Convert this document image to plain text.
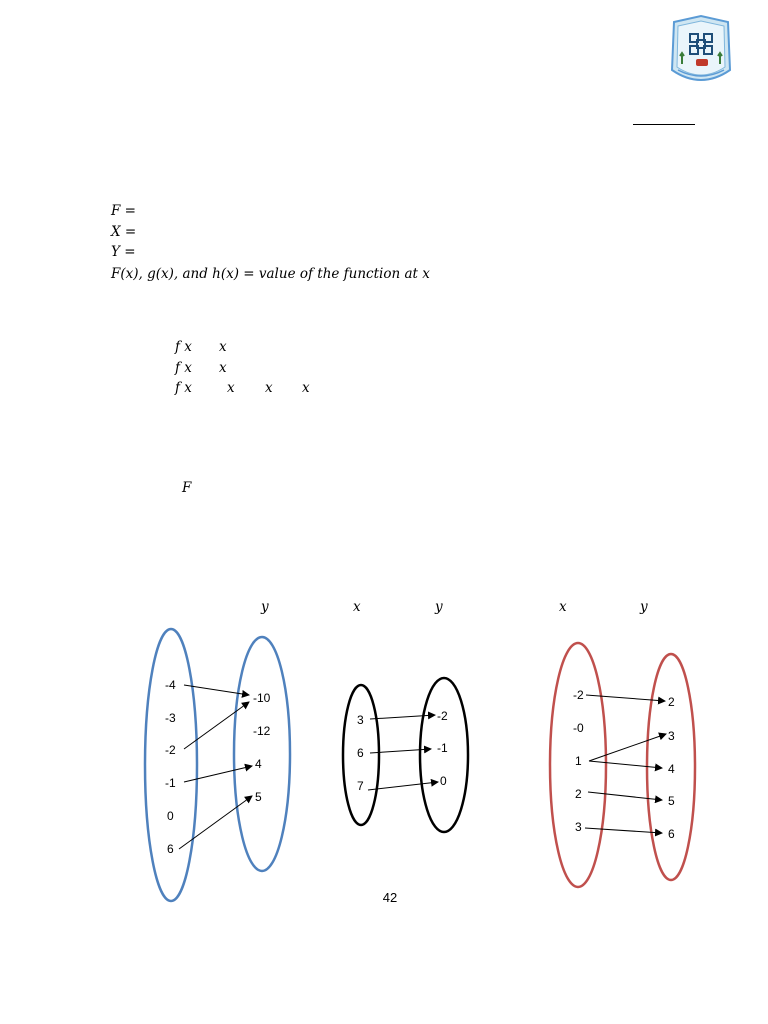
F =
X =
Y =
F(x), g(x), and h(x) = value of the function at x
f x x
f x x
f x	x x x
F
y	x	y	x	y
-4
-3
-2
-1
0
6
-10
-12
4
5
3
6
7
-2
-1
0
-2
-0
1
2
3
2
3
4
5
6
42
